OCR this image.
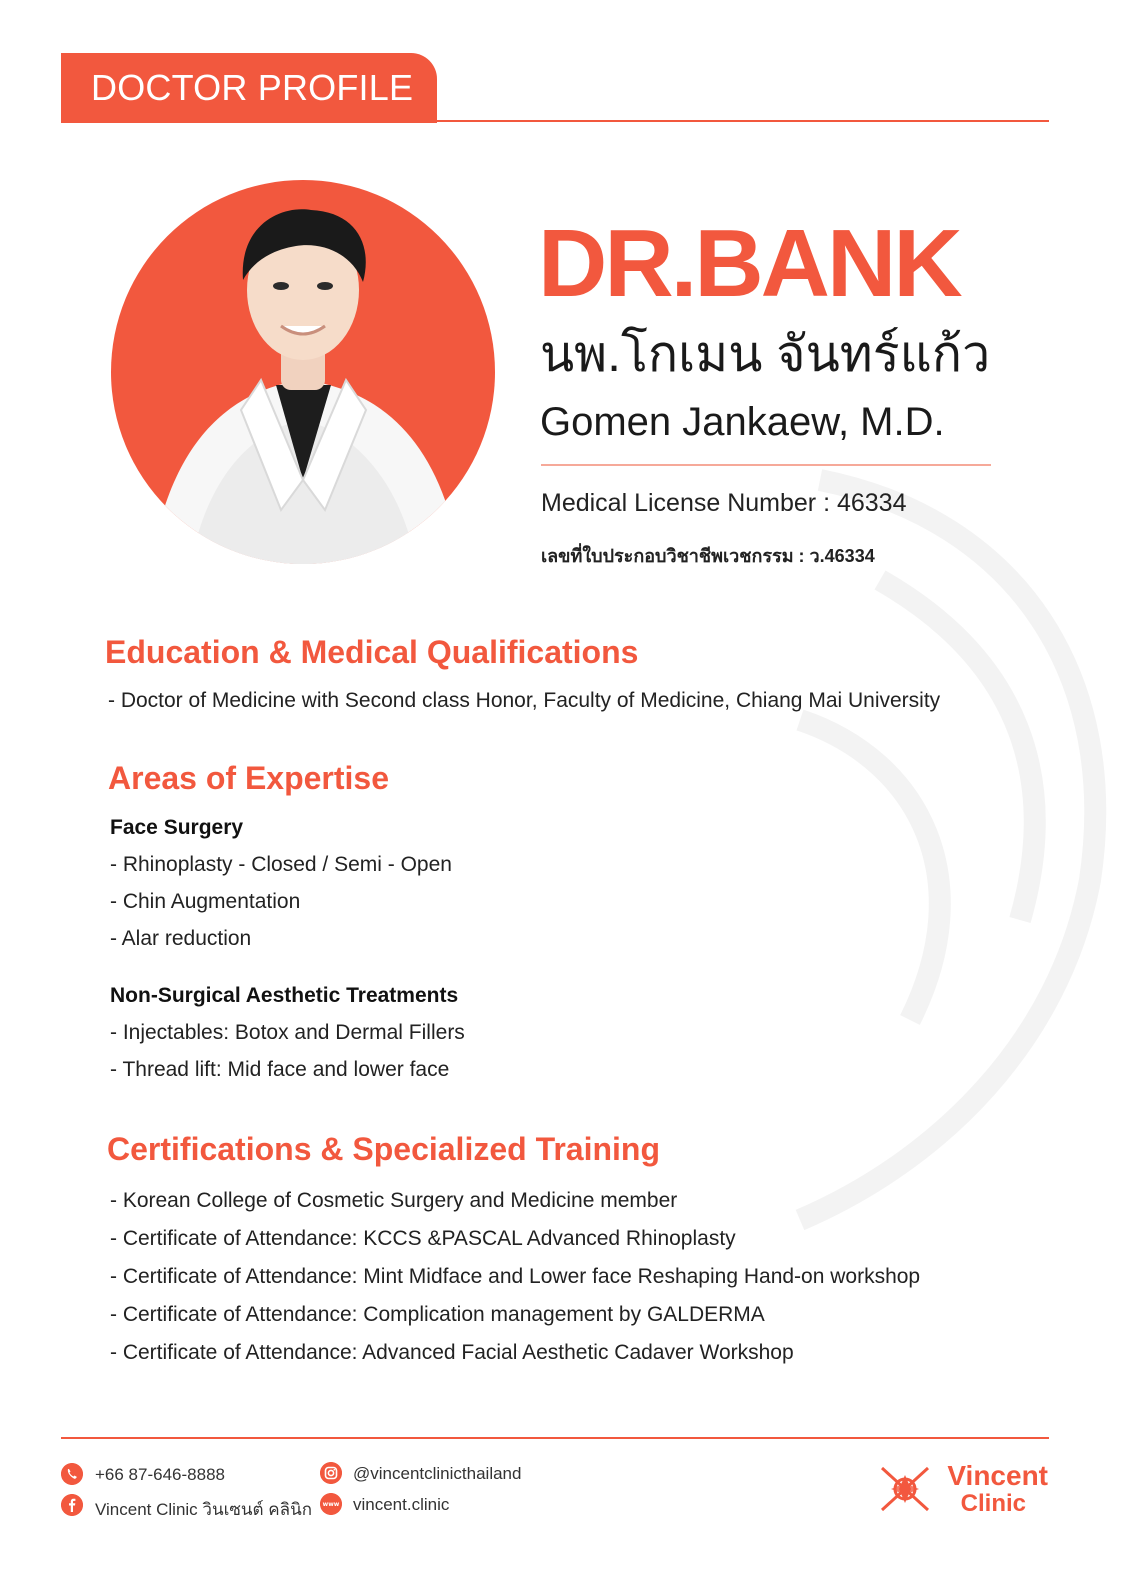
DOCTOR PROFILE
DR.BANK
นพ.โกเมน จันทร์แก้ว
Gomen Jankaew, M.D.
Medical License Number : 46334
เลขที่ใบประกอบวิชาชีพเวชกรรม : ว.46334
Education & Medical Qualifications
- Doctor of Medicine with Second class Honor, Faculty of Medicine, Chiang Mai University
Areas of Expertise
Face Surgery
- Rhinoplasty - Closed / Semi - Open
- Chin Augmentation
- Alar reduction
Non-Surgical Aesthetic Treatments
- Injectables: Botox and Dermal Fillers
- Thread lift: Mid face and lower face
Certifications & Specialized Training
- Korean College of Cosmetic Surgery and Medicine member
- Certificate of Attendance: KCCS &PASCAL Advanced Rhinoplasty
- Certificate of Attendance: Mint Midface and Lower face Reshaping Hand-on workshop
- Certificate of Attendance: Complication management by GALDERMA
- Certificate of Attendance: Advanced Facial Aesthetic Cadaver Workshop
+66 87-646-8888
Vincent Clinic วินเซนต์ คลินิก
@vincentclinicthailand
www vincent.clinic
Vincent
Clinic
